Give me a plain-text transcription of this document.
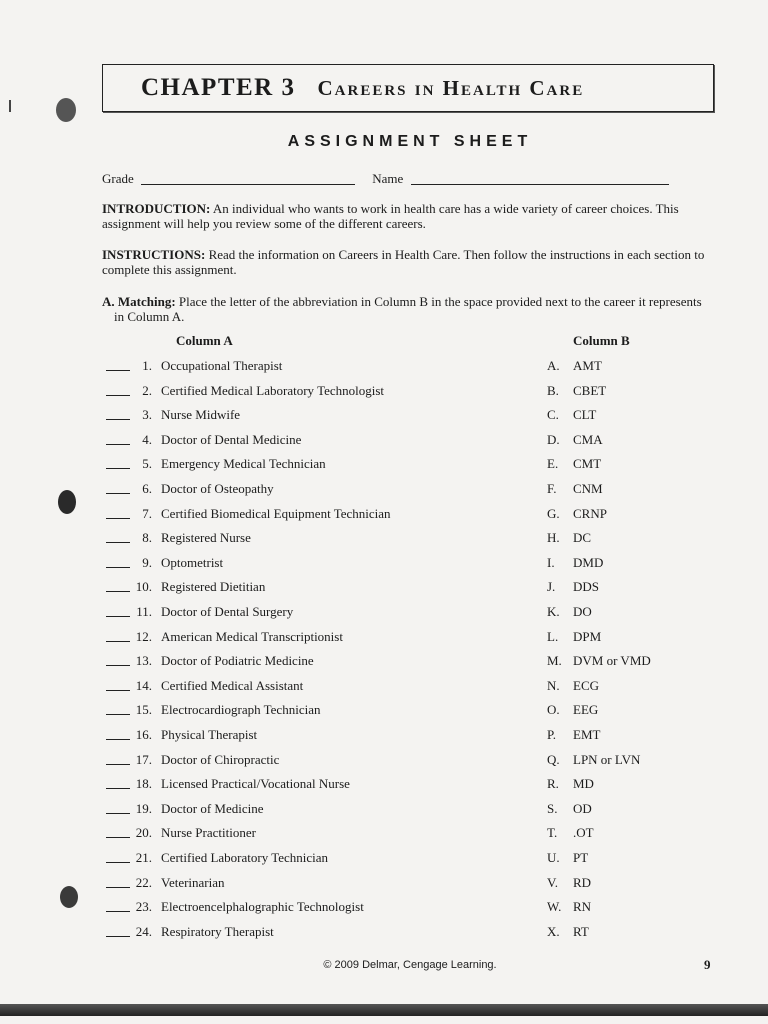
CHAPTER 3 Careers in Health Care
ASSIGNMENT SHEET
Grade	Name
INTRODUCTION: An individual who wants to work in health care has a wide variety of career choices. This assignment will help you review some of the different careers.
INSTRUCTIONS: Read the information on Careers in Health Care. Then follow the instructions in each section to complete this assignment.
A. Matching: Place the letter of the abbreviation in Column B in the space provided next to the career it represents
in Column A.
Column A	Column B
1. Occupational Therapist	A. AMT
2. Certified Medical Laboratory Technologist	B. CBET
3. Nurse Midwife	C. CLT
4. Doctor of Dental Medicine	D. CMA
5. Emergency Medical Technician	E. CMT
6. Doctor of Osteopathy	F. CNM
7. Certified Biomedical Equipment Technician	G. CRNP
8. Registered Nurse	H. DC
9. Optometrist	I. DMD
10. Registered Dietitian	J. DDS
11. Doctor of Dental Surgery	K. DO
12. American Medical Transcriptionist	L. DPM
13. Doctor of Podiatric Medicine	M. DVM or VMD
14. Certified Medical Assistant	N. ECG
15. Electrocardiograph Technician	O. EEG
16. Physical Therapist	P. EMT
17. Doctor of Chiropractic	Q. LPN or LVN
18. Licensed Practical/Vocational Nurse	R. MD
19. Doctor of Medicine	S. OD
20. Nurse Practitioner	T. .OT
21. Certified Laboratory Technician	U. PT
22. Veterinarian	V. RD
23. Electroencelphalographic Technologist	W. RN
24. Respiratory Therapist	X. RT
© 2009 Delmar, Cengage Learning.	9
